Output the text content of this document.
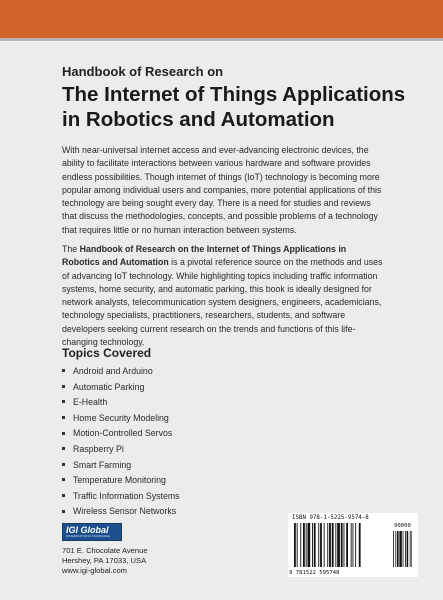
Handbook of Research on
The Internet of Things Applications
in Robotics and Automation
With near-universal internet access and ever-advancing electronic devices, the ability to facilitate interactions between various hardware and software provides endless possibilities. Though internet of things (IoT) technology is becoming more popular among individual users and companies, more potential applications of this technology are being sought every day. There is a need for studies and reviews that discuss the methodologies, concepts, and possible problems of a technology that requires little or no human interaction between systems.
The Handbook of Research on the Internet of Things Applications in Robotics and Automation is a pivotal reference source on the methods and uses of advancing IoT technology. While highlighting topics including traffic information systems, home security, and automatic parking, this book is ideally designed for network analysts, telecommunication system designers, engineers, academicians, technology specialists, practitioners, researchers, students, and software developers seeking current research on the trends and functions of this life-changing technology.
Topics Covered
Android and Arduino
Automatic Parking
E-Health
Home Security Modeling
Motion-Controlled Servos
Raspberry Pi
Smart Farming
Temperature Monitoring
Traffic Information Systems
Wireless Sensor Networks
IGI Global
DISSEMINATOR OF KNOWLEDGE
701 E. Chocolate Avenue
Hershey, PA 17033, USA
www.igi-global.com
ISBN 978-1-5225-9574-8
90000
9 781522 595748
